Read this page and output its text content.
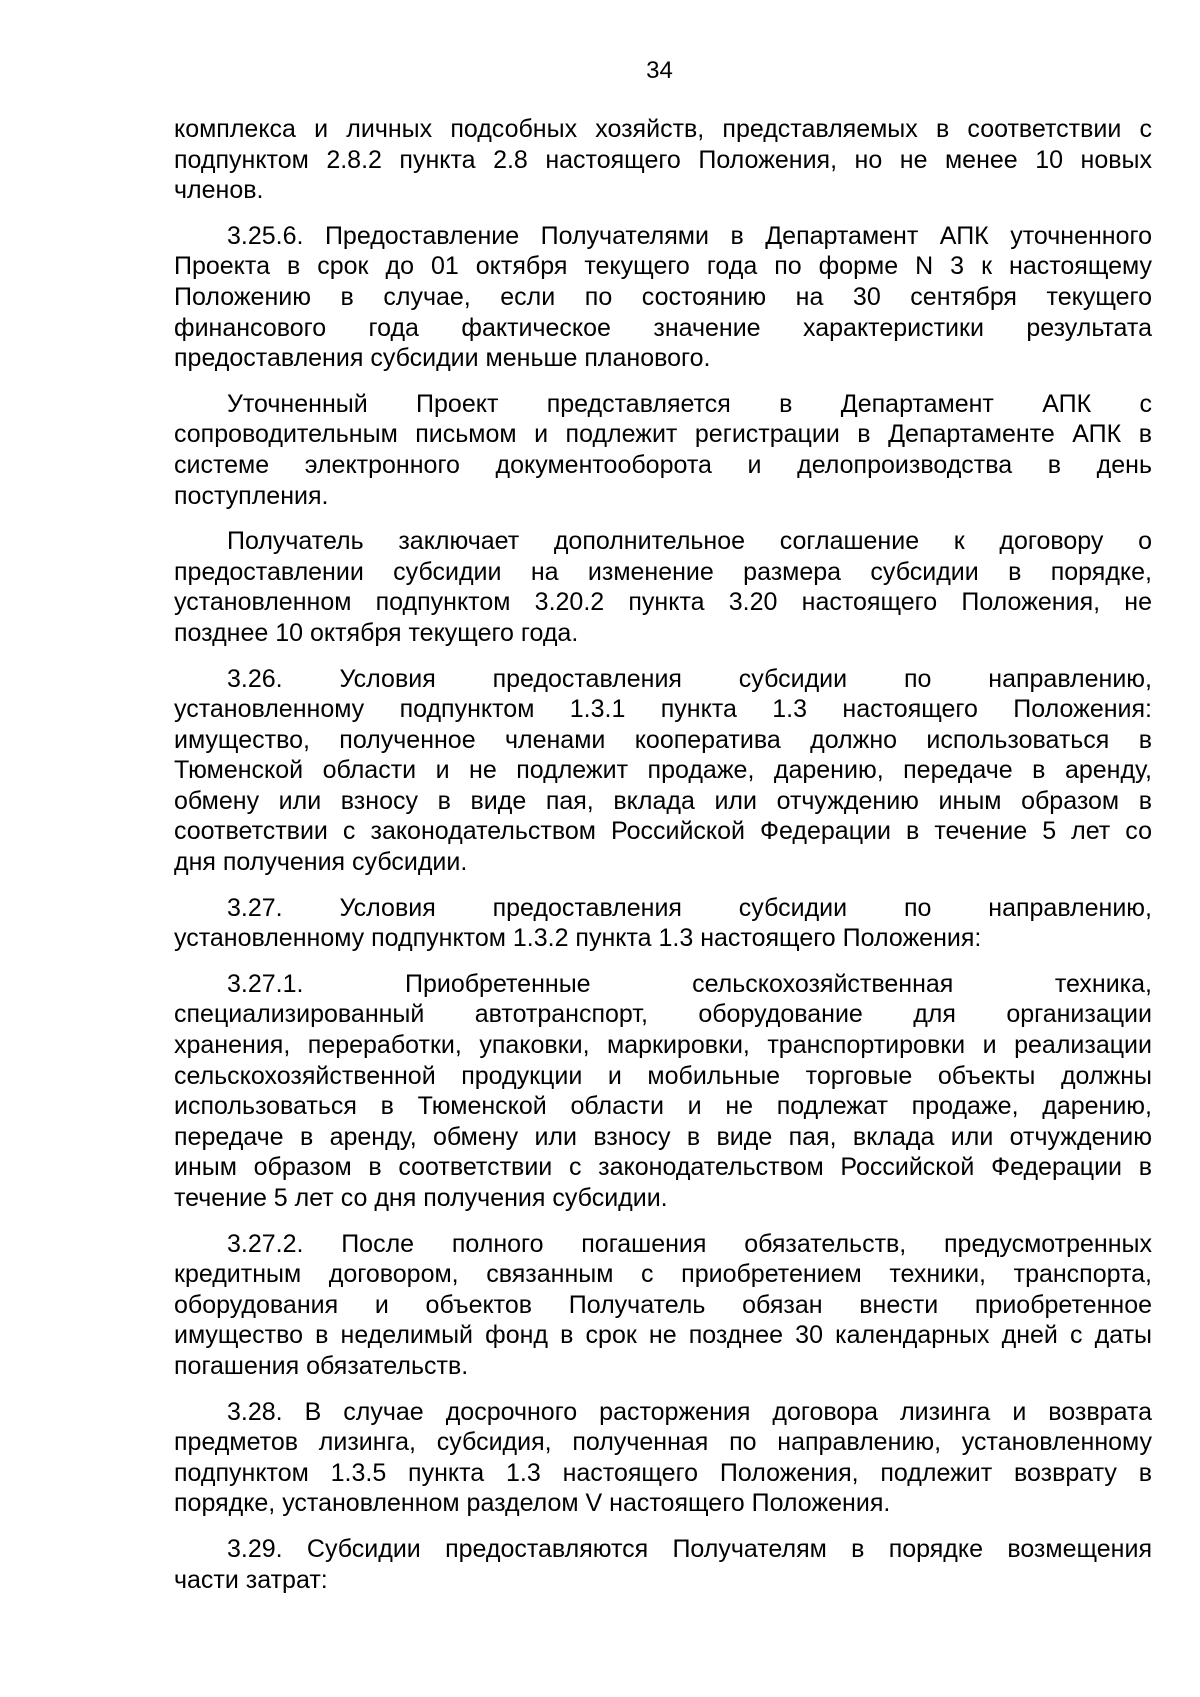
34
комплекса и личных подсобных хозяйств, представляемых в соответствии с
подпунктом 2.8.2 пункта 2.8 настоящего Положения, но не менее 10 новых
членов.
3.25.6. Предоставление Получателями в Департамент АПК уточненного
Проекта в срок до 01 октября текущего года по форме N 3 к настоящему
Положению в случае, если по состоянию на 30 сентября текущего
финансового года фактическое значение характеристики результата
предоставления субсидии меньше планового.
Уточненный Проект представляется в Департамент АПК с
сопроводительным письмом и подлежит регистрации в Департаменте АПК в
системе электронного документооборота и делопроизводства в день
поступления.
Получатель заключает дополнительное соглашение к договору о
предоставлении субсидии на изменение размера субсидии в порядке,
установленном подпунктом 3.20.2 пункта 3.20 настоящего Положения, не
позднее 10 октября текущего года.
3.26. Условия предоставления субсидии по направлению,
установленному подпунктом 1.3.1 пункта 1.3 настоящего Положения:
имущество, полученное членами кооператива должно использоваться в
Тюменской области и не подлежит продаже, дарению, передаче в аренду,
обмену или взносу в виде пая, вклада или отчуждению иным образом в
соответствии с законодательством Российской Федерации в течение 5 лет со
дня получения субсидии.
3.27. Условия предоставления субсидии по направлению,
установленному подпунктом 1.3.2 пункта 1.3 настоящего Положения:
3.27.1. Приобретенные сельскохозяйственная техника,
специализированный автотранспорт, оборудование для организации
хранения, переработки, упаковки, маркировки, транспортировки и реализации
сельскохозяйственной продукции и мобильные торговые объекты должны
использоваться в Тюменской области и не подлежат продаже, дарению,
передаче в аренду, обмену или взносу в виде пая, вклада или отчуждению
иным образом в соответствии с законодательством Российской Федерации в
течение 5 лет со дня получения субсидии.
3.27.2. После полного погашения обязательств, предусмотренных
кредитным договором, связанным с приобретением техники, транспорта,
оборудования и объектов Получатель обязан внести приобретенное
имущество в неделимый фонд в срок не позднее 30 календарных дней с даты
погашения обязательств.
3.28. В случае досрочного расторжения договора лизинга и возврата
предметов лизинга, субсидия, полученная по направлению, установленному
подпунктом 1.3.5 пункта 1.3 настоящего Положения, подлежит возврату в
порядке, установленном разделом V настоящего Положения.
3.29. Субсидии предоставляются Получателям в порядке возмещения
части затрат:
